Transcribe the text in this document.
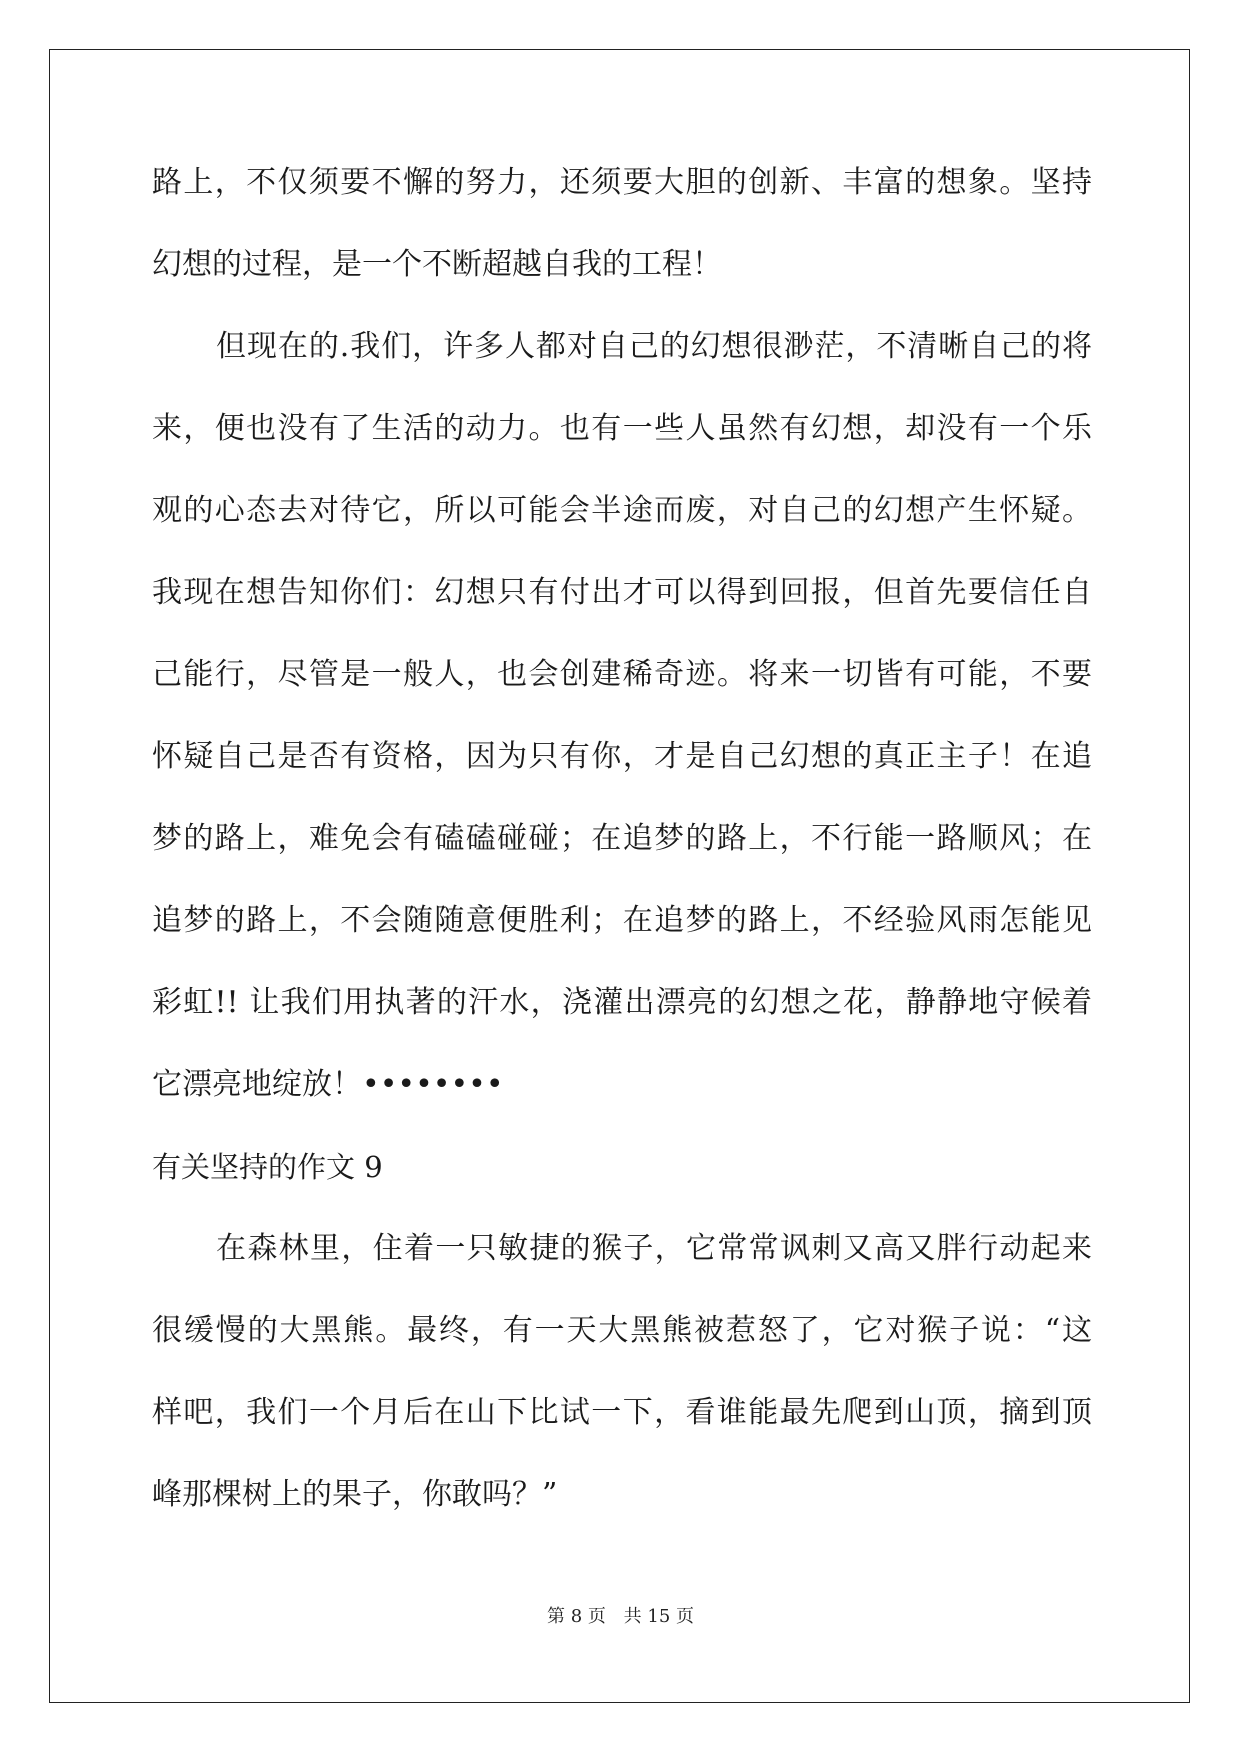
路上，不仅须要不懈的努力，还须要大胆的创新、丰富的想象。坚持
幻想的过程，是一个不断超越自我的工程！
但现在的.我们，许多人都对自己的幻想很渺茫，不清晰自己的将
来，便也没有了生活的动力。也有一些人虽然有幻想，却没有一个乐
观的心态去对待它，所以可能会半途而废，对自己的幻想产生怀疑。
我现在想告知你们：幻想只有付出才可以得到回报，但首先要信任自
己能行，尽管是一般人，也会创建稀奇迹。将来一切皆有可能，不要
怀疑自己是否有资格，因为只有你，才是自己幻想的真正主子！在追
梦的路上，难免会有磕磕碰碰；在追梦的路上，不行能一路顺风；在
追梦的路上，不会随随意便胜利；在追梦的路上，不经验风雨怎能见
彩虹!! 让我们用执著的汗水，浇灌出漂亮的幻想之花，静静地守候着
它漂亮地绽放！••••••••
有关坚持的作文 9
在森林里，住着一只敏捷的猴子，它常常讽刺又高又胖行动起来
很缓慢的大黑熊。最终，有一天大黑熊被惹怒了，它对猴子说：“这
样吧，我们一个月后在山下比试一下，看谁能最先爬到山顶，摘到顶
峰那棵树上的果子，你敢吗？”
第 8 页 共 15 页
